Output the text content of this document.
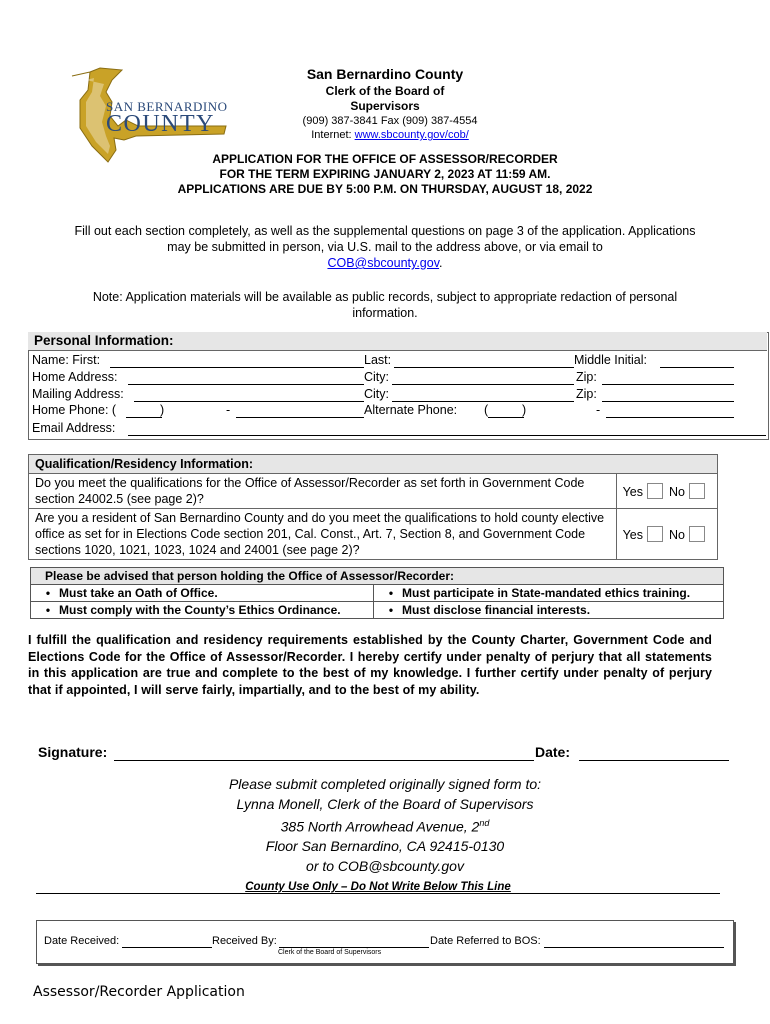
SAN BERNARDINO
COUNTY
San Bernardino County
Clerk of the Board of
Supervisors
(909) 387-3841 Fax (909) 387-4554
Internet: www.sbcounty.gov/cob/
APPLICATION FOR THE OFFICE OF ASSESSOR/RECORDER
FOR THE TERM EXPIRING JANUARY 2, 2023 AT 11:59 AM.
APPLICATIONS ARE DUE BY 5:00 P.M. ON THURSDAY, AUGUST 18, 2022
Fill out each section completely, as well as the supplemental questions on page 3 of the application. Applications may be submitted in person, via U.S. mail to the address above, or via email to
COB@sbcounty.gov.
Note: Application materials will be available as public records, subject to appropriate redaction of personal information.
Personal Information:
Name: First:	Last:	Middle Initial:
Home Address:	City:	Zip:
Mailing Address:	City:	Zip:
Home Phone: (	)	-	Alternate Phone: (	)	-
Email Address:
Qualification/Residency Information:	
Do you meet the qualifications for the Office of Assessor/Recorder as set forth in Government Code section 24002.5 (see page 2)?	Yes No
Are you a resident of San Bernardino County and do you meet the qualifications to hold county elective office as set for in Elections Code section 201, Cal. Const., Art. 7, Section 8, and Government Code sections 1020, 1021, 1023, 1024 and 24001 (see page 2)?	Yes No
Please be advised that person holding the Office of Assessor/Recorder:	
• Must take an Oath of Office.	• Must participate in State-mandated ethics training.
• Must comply with the County’s Ethics Ordinance.	• Must disclose financial interests.
I fulfill the qualification and residency requirements established by the County Charter, Government Code and Elections Code for the Office of Assessor/Recorder. I hereby certify under penalty of perjury that all statements in this application are true and complete to the best of my knowledge. I further certify under penalty of perjury that if appointed, I will serve fairly, impartially, and to the best of my ability.
Signature:	Date:
Please submit completed originally signed form to:
Lynna Monell, Clerk of the Board of Supervisors
385 North Arrowhead Avenue, 2nd
Floor San Bernardino, CA 92415-0130
or to COB@sbcounty.gov
County Use Only – Do Not Write Below This Line
Date Received:	Received By:
Clerk of the Board of Supervisors
Date Referred to BOS:
Assessor/Recorder Application
